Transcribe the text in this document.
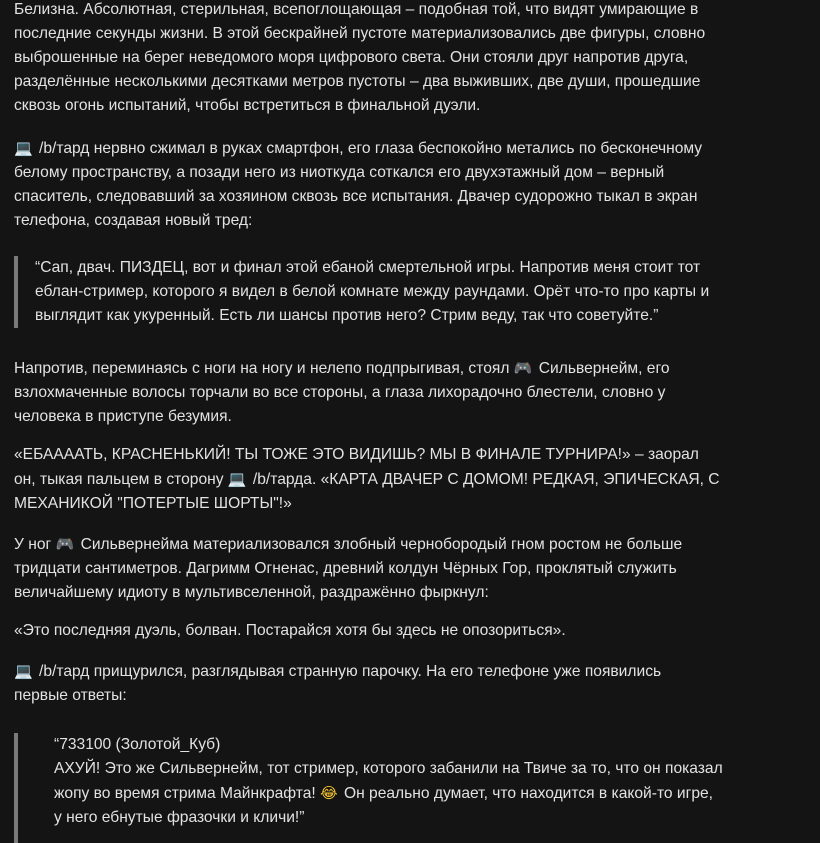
Белизна. Абсолютная, стерильная, всепоглощающая – подобная той, что видят умирающие в
последние секунды жизни. В этой бескрайней пустоте материализовались две фигуры, словно
выброшенные на берег неведомого моря цифрового света. Они стояли друг напротив друга,
разделённые несколькими десятками метров пустоты – два выживших, две души, прошедшие
сквозь огонь испытаний, чтобы встретиться в финальной дуэли.
💻 /b/тард нервно сжимал в руках смартфон, его глаза беспокойно метались по бесконечному
белому пространству, а позади него из ниоткуда соткался его двухэтажный дом – верный
спаситель, следовавший за хозяином сквозь все испытания. Двачер судорожно тыкал в экран
телефона, создавая новый тред:
“Сап, двач. ПИЗДЕЦ, вот и финал этой ебаной смертельной игры. Напротив меня стоит тот
еблан-стример, которого я видел в белой комнате между раундами. Орёт что-то про карты и
выглядит как укуренный. Есть ли шансы против него? Стрим веду, так что советуйте.”
Напротив, переминаясь с ноги на ногу и нелепо подпрыгивая, стоял 🎮 Сильвернейм, его
взлохмаченные волосы торчали во все стороны, а глаза лихорадочно блестели, словно у
человека в приступе безумия.
«ЕБААААТЬ, КРАСНЕНЬКИЙ! ТЫ ТОЖЕ ЭТО ВИДИШЬ? МЫ В ФИНАЛЕ ТУРНИРА!» – заорал
он, тыкая пальцем в сторону 💻 /b/тарда. «КАРТА ДВАЧЕР С ДОМОМ! РЕДКАЯ, ЭПИЧЕСКАЯ, С
МЕХАНИКОЙ "ПОТЕРТЫЕ ШОРТЫ"!»
У ног 🎮 Сильвернейма материализовался злобный чернобородый гном ростом не больше
тридцати сантиметров. Дагримм Огненас, древний колдун Чёрных Гор, проклятый служить
величайшему идиоту в мультивселенной, раздражённо фыркнул:
«Это последняя дуэль, болван. Постарайся хотя бы здесь не опозориться».
💻 /b/тард прищурился, разглядывая странную парочку. На его телефоне уже появились
первые ответы:
“733100 (Золотой_Куб)
АХУЙ! Это же Сильвернейм, тот стример, которого забанили на Твиче за то, что он показал
жопу во время стрима Майнкрафта! 😂 Он реально думает, что находится в какой-то игре,
у него ебнутые фразочки и кличи!”
